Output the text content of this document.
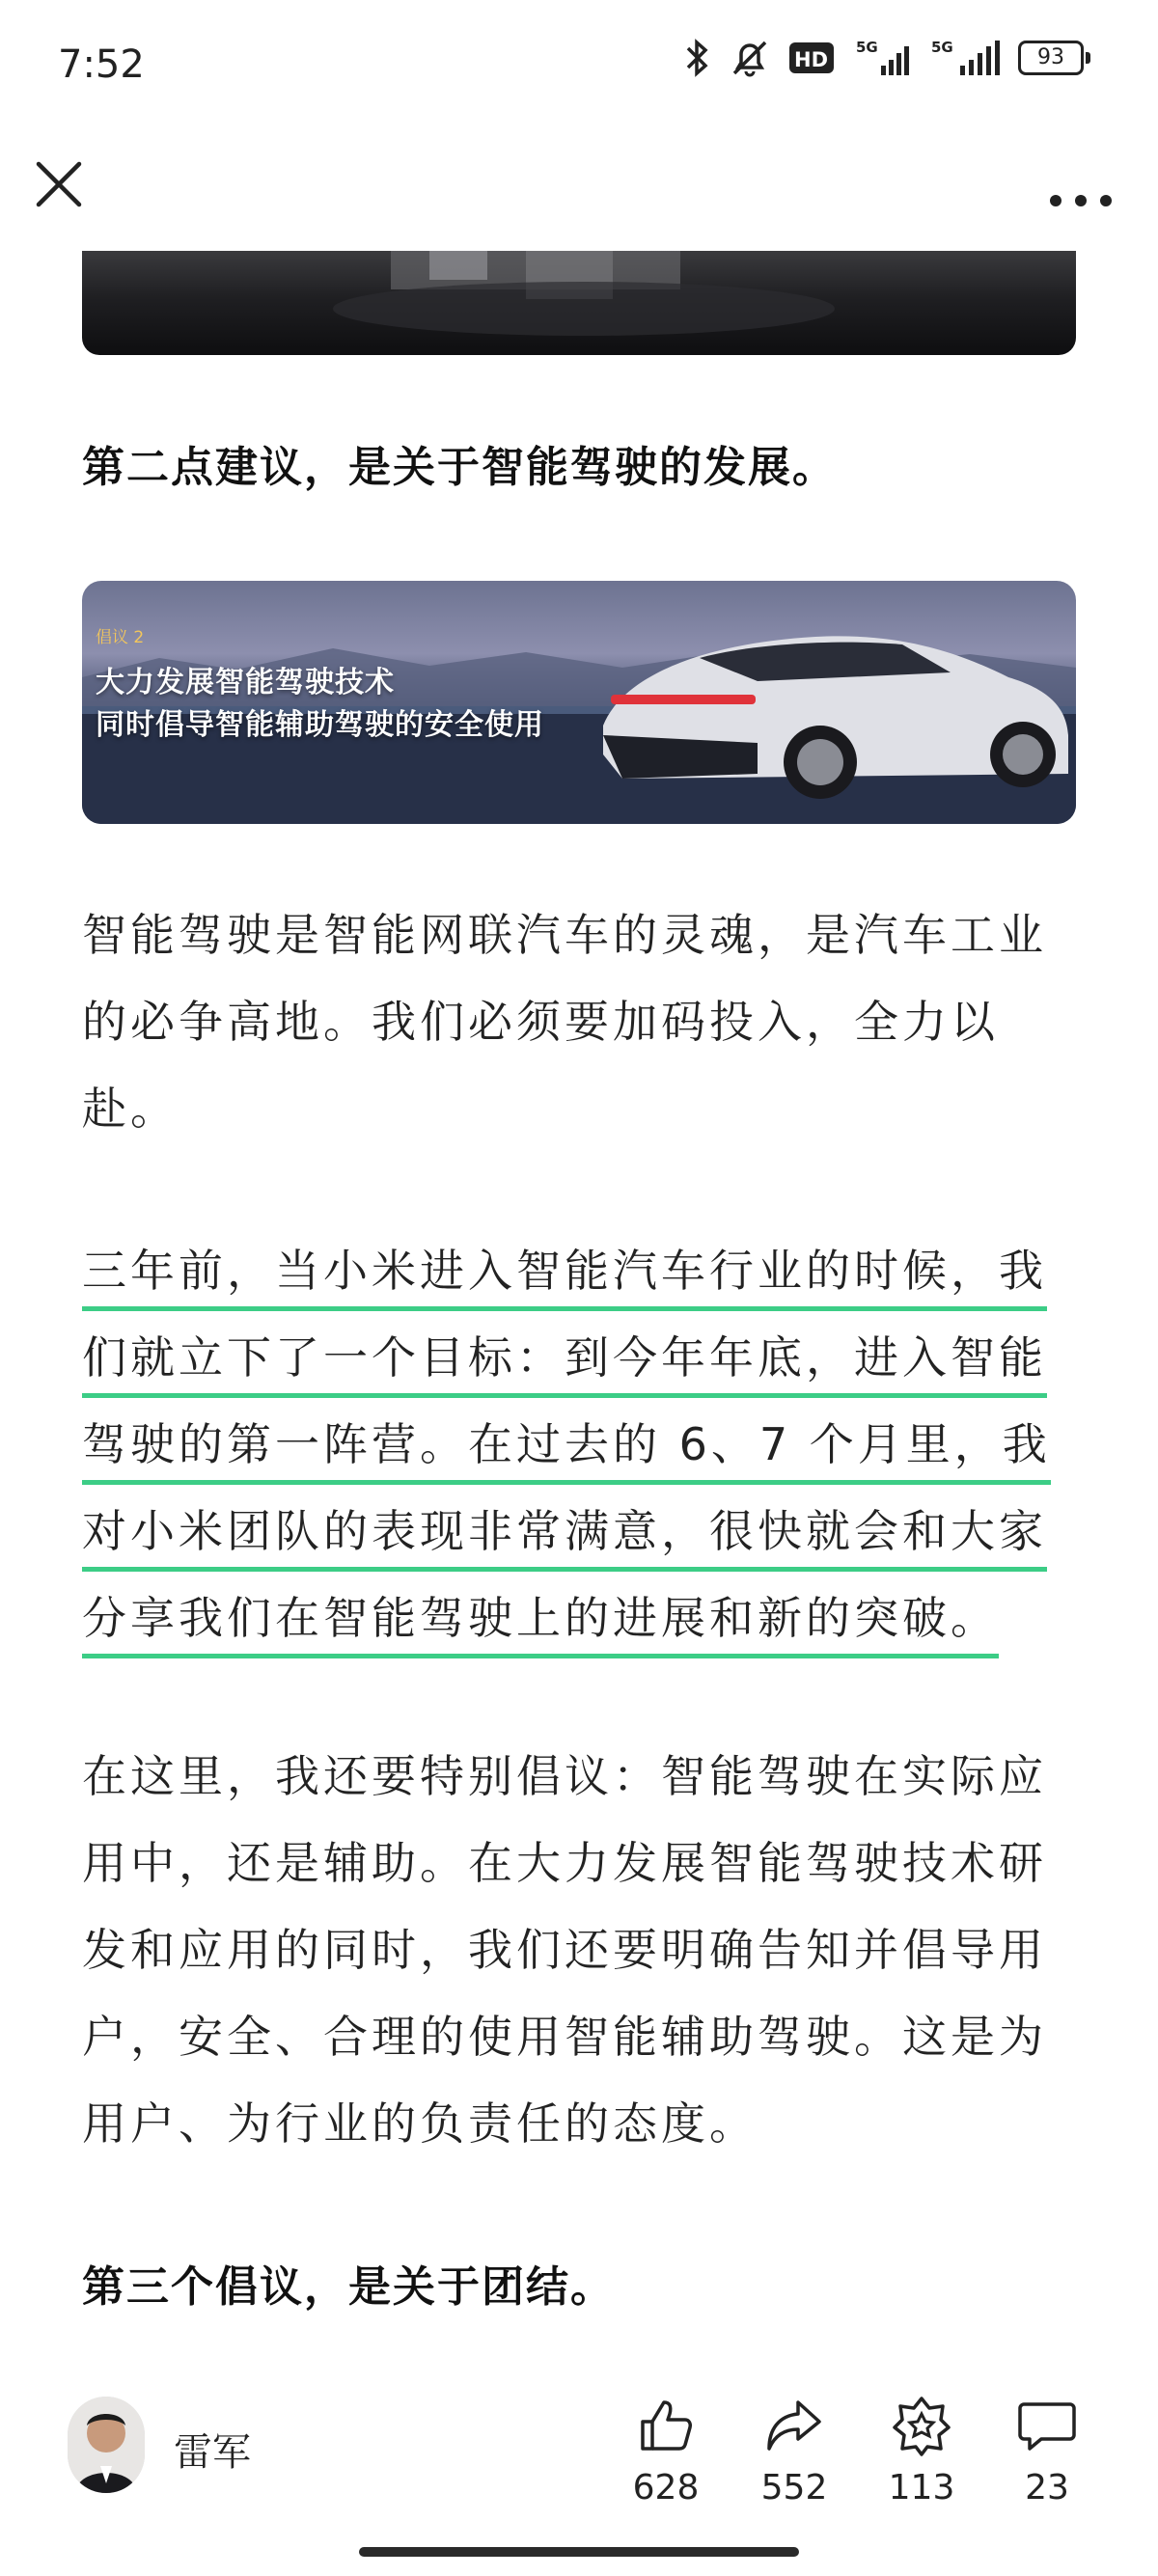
7:52	HD
5G	5G	93
第二点建议，是关于智能驾驶的发展。
倡议 2
大力发展智能驾驶技术
同时倡导智能辅助驾驶的安全使用
智能驾驶是智能网联汽车的灵魂，是汽车工业
的必争高地。我们必须要加码投入，全力以
赴。
三年前，当小米进入智能汽车行业的时候，我
们就立下了一个目标：到今年年底，进入智能
驾驶的第一阵营。在过去的 6、7 个月里，我
对小米团队的表现非常满意，很快就会和大家
分享我们在智能驾驶上的进展和新的突破。
在这里，我还要特别倡议：智能驾驶在实际应
用中，还是辅助。在大力发展智能驾驶技术研
发和应用的同时，我们还要明确告知并倡导用
户，安全、合理的使用智能辅助驾驶。这是为
用户、为行业的负责任的态度。
第三个倡议，是关于团结。
雷军
628 552 113	23
